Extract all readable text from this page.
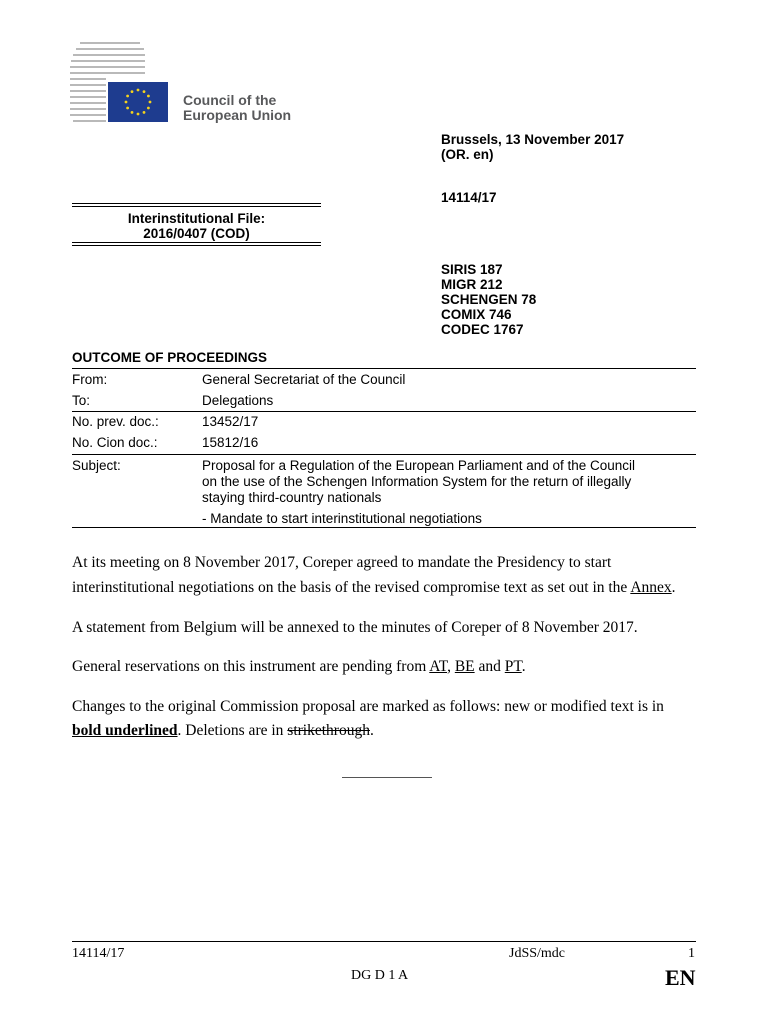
Council of the
European Union
Brussels, 13 November 2017
(OR. en)
14114/17
SIRIS 187
MIGR 212
SCHENGEN 78
COMIX 746
CODEC 1767
Interinstitutional File:
2016/0407 (COD)
OUTCOME OF PROCEEDINGS
From:	General Secretariat of the Council
To:	Delegations
No. prev. doc.:	13452/17
No. Cion doc.:	15812/16
Subject:	Proposal for a Regulation of the European Parliament and of the Council
on the use of the Schengen Information System for the return of illegally
staying third-country nationals
- Mandate to start interinstitutional negotiations
At its meeting on 8 November 2017, Coreper agreed to mandate the Presidency to start
interinstitutional negotiations on the basis of the revised compromise text as set out in the Annex.
A statement from Belgium will be annexed to the minutes of Coreper of 8 November 2017.
General reservations on this instrument are pending from AT, BE and PT.
Changes to the original Commission proposal are marked as follows: new or modified text is in
bold underlined. Deletions are in strikethrough.
14114/17	JdSS/mdc	1
DG D 1 A	EN
